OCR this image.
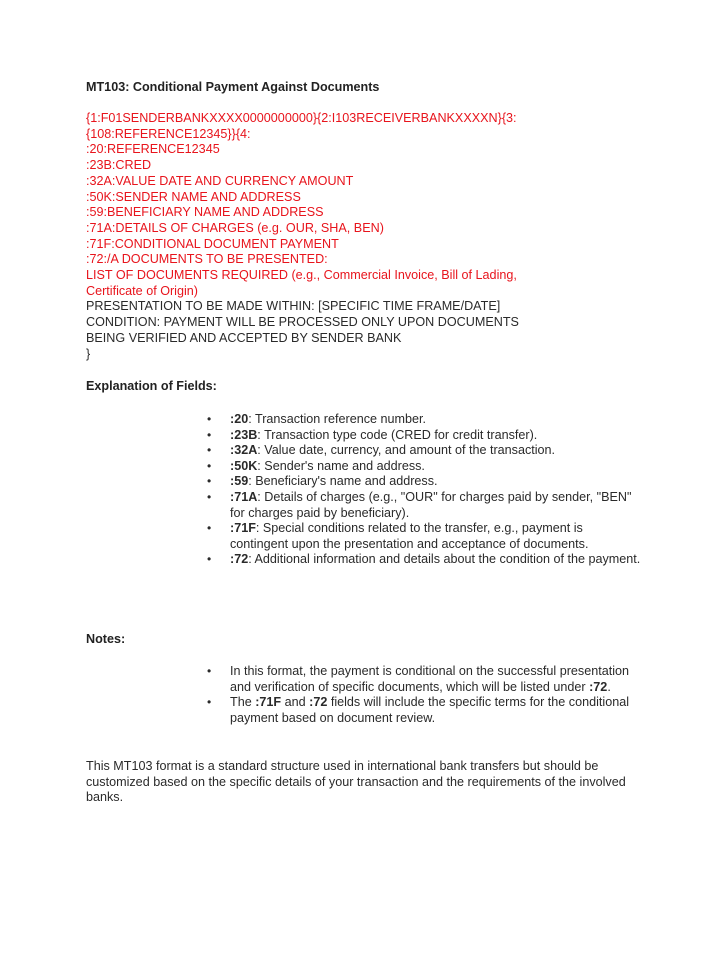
MT103: Conditional Payment Against Documents
{1:F01SENDERBANKXXXX0000000000}{2:I103RECEIVERBANKXXXXN}{3:
{108:REFERENCE12345}}{4:
:20:REFERENCE12345
:23B:CRED
:32A:VALUE DATE AND CURRENCY AMOUNT
:50K:SENDER NAME AND ADDRESS
:59:BENEFICIARY NAME AND ADDRESS
:71A:DETAILS OF CHARGES (e.g. OUR, SHA, BEN)
:71F:CONDITIONAL DOCUMENT PAYMENT
:72:/A DOCUMENTS TO BE PRESENTED:
LIST OF DOCUMENTS REQUIRED (e.g., Commercial Invoice, Bill of Lading,
Certificate of Origin)
PRESENTATION TO BE MADE WITHIN: [SPECIFIC TIME FRAME/DATE]
CONDITION: PAYMENT WILL BE PROCESSED ONLY UPON DOCUMENTS
BEING VERIFIED AND ACCEPTED BY SENDER BANK
}
Explanation of Fields:
• :20: Transaction reference number.
• :23B: Transaction type code (CRED for credit transfer).
• :32A: Value date, currency, and amount of the transaction.
• :50K: Sender's name and address.
• :59: Beneficiary's name and address.
• :71A: Details of charges (e.g., "OUR" for charges paid by sender, "BEN" for charges paid by beneficiary).
• :71F: Special conditions related to the transfer, e.g., payment is contingent upon the presentation and acceptance of documents.
• :72: Additional information and details about the condition of the payment.
Notes:
• In this format, the payment is conditional on the successful presentation and verification of specific documents, which will be listed under :72.
• The :71F and :72 fields will include the specific terms for the conditional payment based on document review.
This MT103 format is a standard structure used in international bank transfers but should be customized based on the specific details of your transaction and the requirements of the involved banks.
